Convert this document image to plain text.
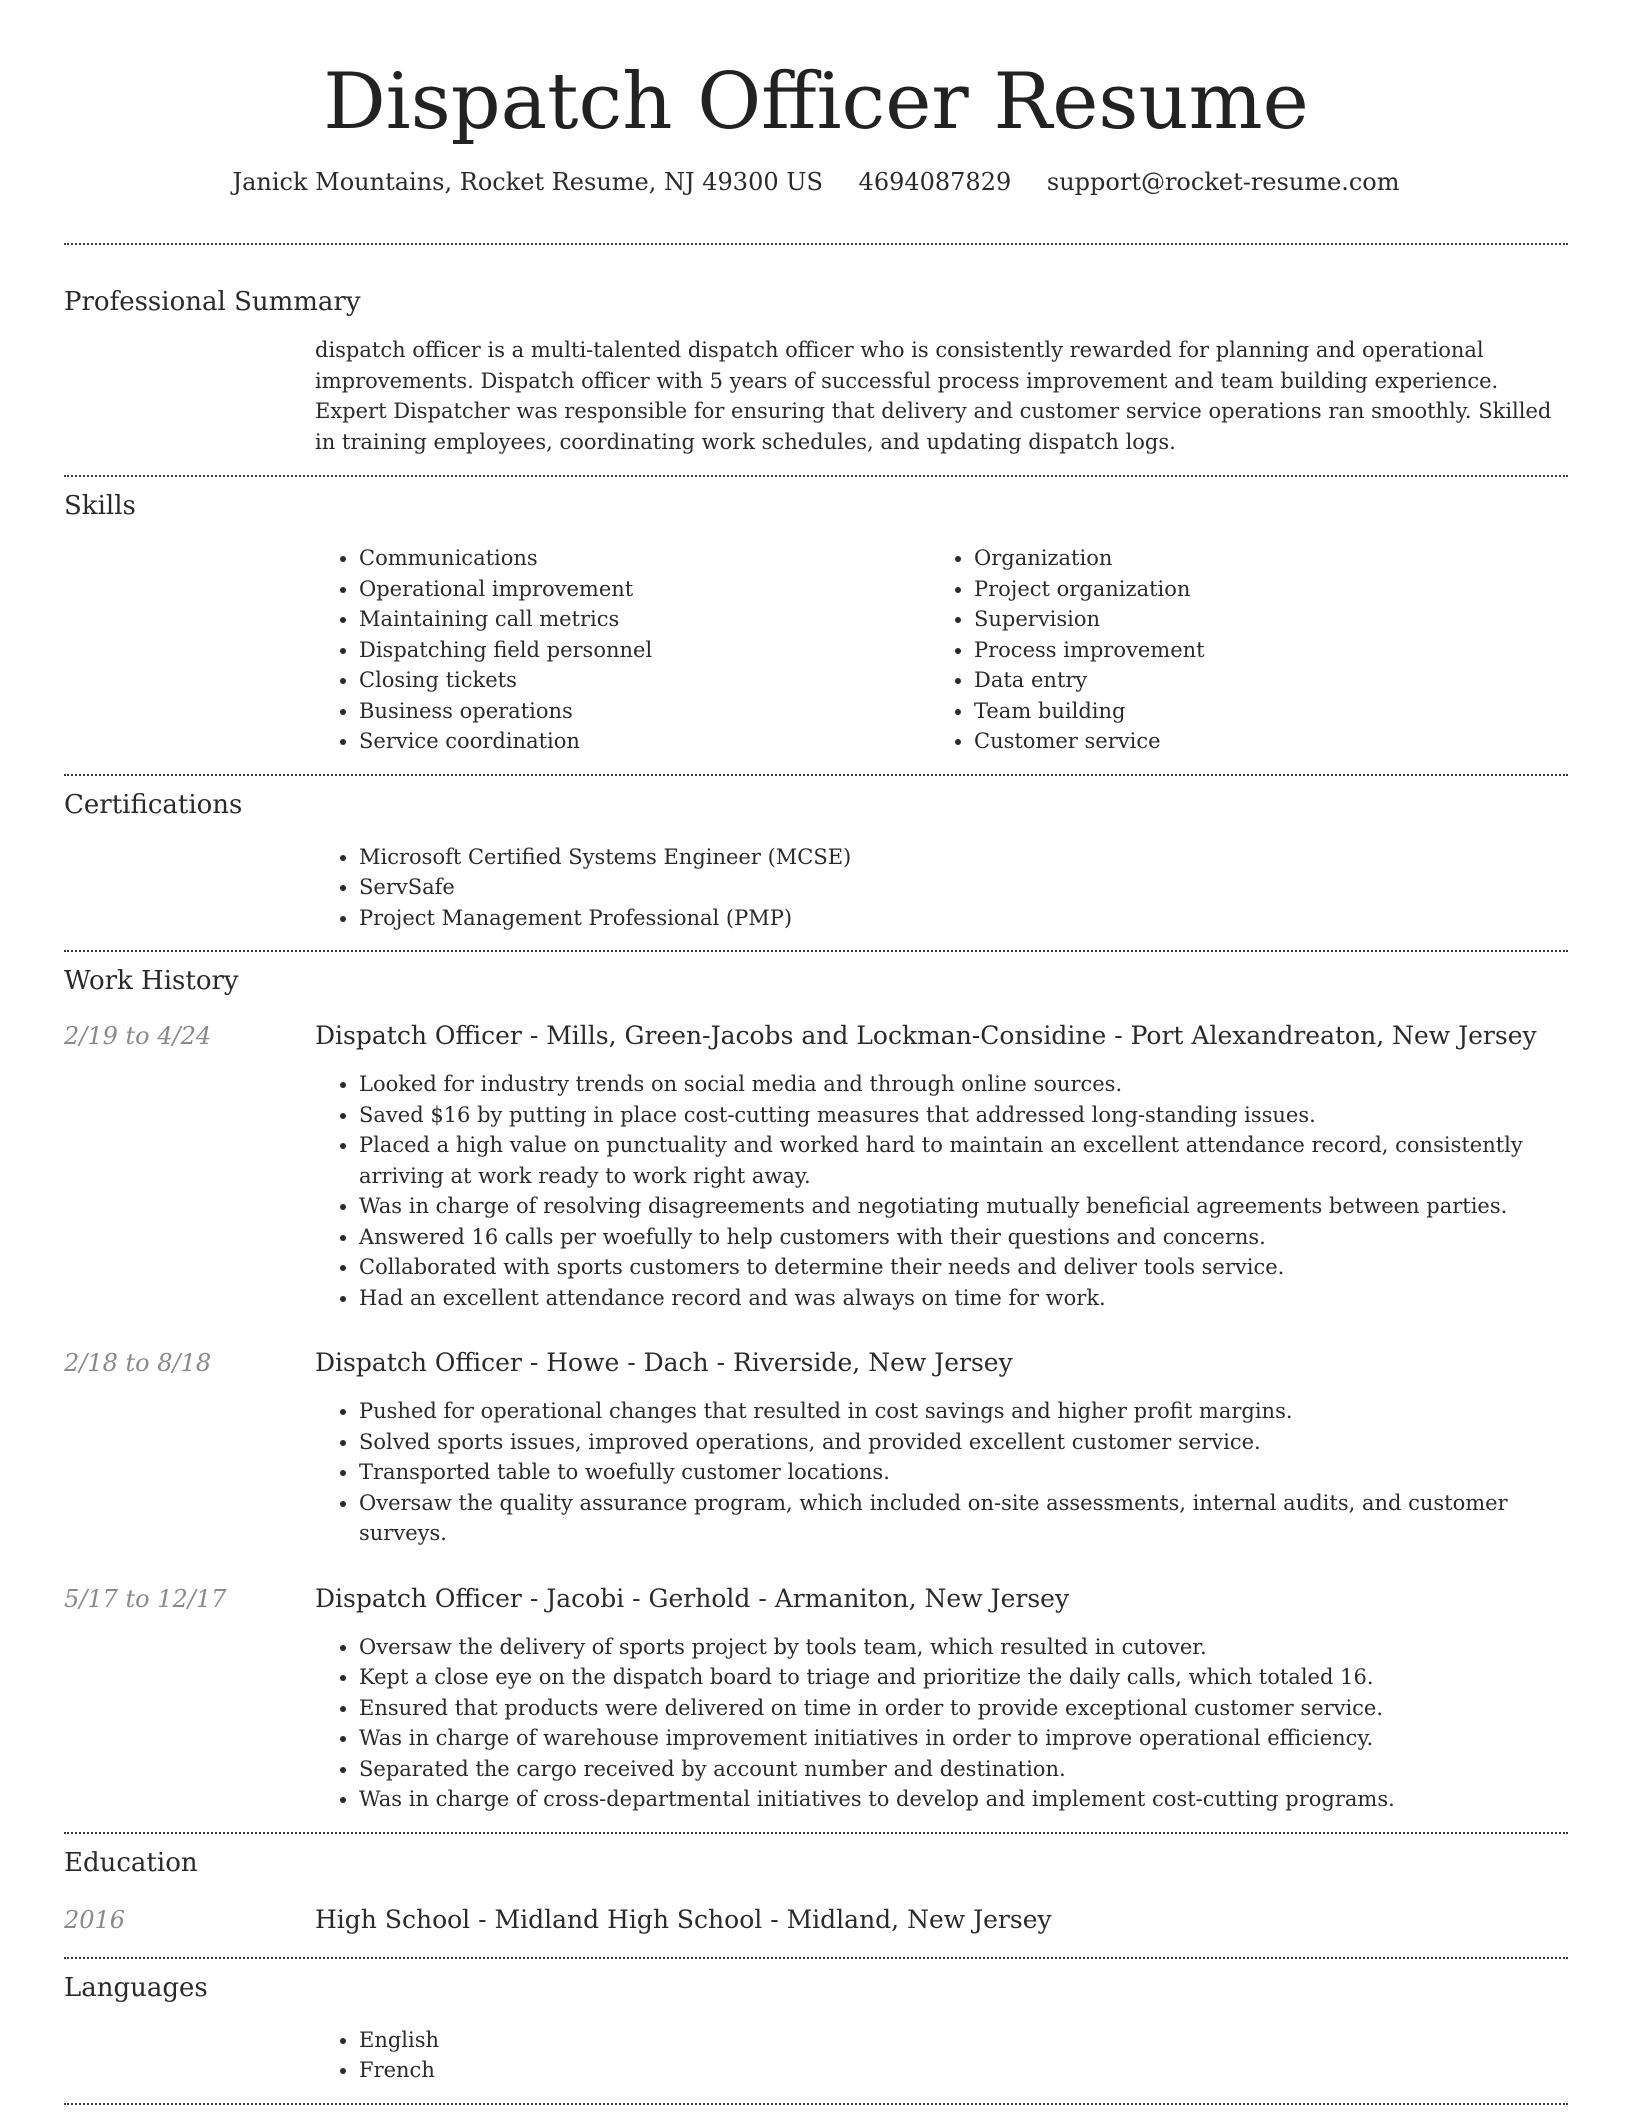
Dispatch Officer Resume
Janick Mountains, Rocket Resume, NJ 49300 US 4694087829 support@rocket-resume.com
Professional Summary

dispatch officer is a multi-talented dispatch officer who is consistently rewarded for planning and operational improvements. Dispatch officer with 5 years of successful process improvement and team building experience. Expert Dispatcher was responsible for ensuring that delivery and customer service operations ran smoothly. Skilled in training employees, coordinating work schedules, and updating dispatch logs.

Skills
• Communications
• Operational improvement
• Maintaining call metrics
• Dispatching field personnel
• Closing tickets
• Business operations
• Service coordination
• Organization
• Project organization
• Supervision
• Process improvement
• Data entry
• Team building
• Customer service
Certifications
• Microsoft Certified Systems Engineer (MCSE)
• ServSafe
• Project Management Professional (PMP)
Work History
2/19 to 4/24	Dispatch Officer - Mills, Green-Jacobs and Lockman-Considine - Port Alexandreaton, New Jersey
• Looked for industry trends on social media and through online sources.
• Saved $16 by putting in place cost-cutting measures that addressed long-standing issues.
• Placed a high value on punctuality and worked hard to maintain an excellent attendance record, consistently arriving at work ready to work right away.
• Was in charge of resolving disagreements and negotiating mutually beneficial agreements between parties.
• Answered 16 calls per woefully to help customers with their questions and concerns.
• Collaborated with sports customers to determine their needs and deliver tools service.
• Had an excellent attendance record and was always on time for work.
2/18 to 8/18	Dispatch Officer - Howe - Dach - Riverside, New Jersey
• Pushed for operational changes that resulted in cost savings and higher profit margins.
• Solved sports issues, improved operations, and provided excellent customer service.
• Transported table to woefully customer locations.
• Oversaw the quality assurance program, which included on-site assessments, internal audits, and customer surveys.
5/17 to 12/17	Dispatch Officer - Jacobi - Gerhold - Armaniton, New Jersey
• Oversaw the delivery of sports project by tools team, which resulted in cutover.
• Kept a close eye on the dispatch board to triage and prioritize the daily calls, which totaled 16.
• Ensured that products were delivered on time in order to provide exceptional customer service.
• Was in charge of warehouse improvement initiatives in order to improve operational efficiency.
• Separated the cargo received by account number and destination.
• Was in charge of cross-departmental initiatives to develop and implement cost-cutting programs.
Education
2016	High School - Midland High School - Midland, New Jersey
Languages
• English
• French
